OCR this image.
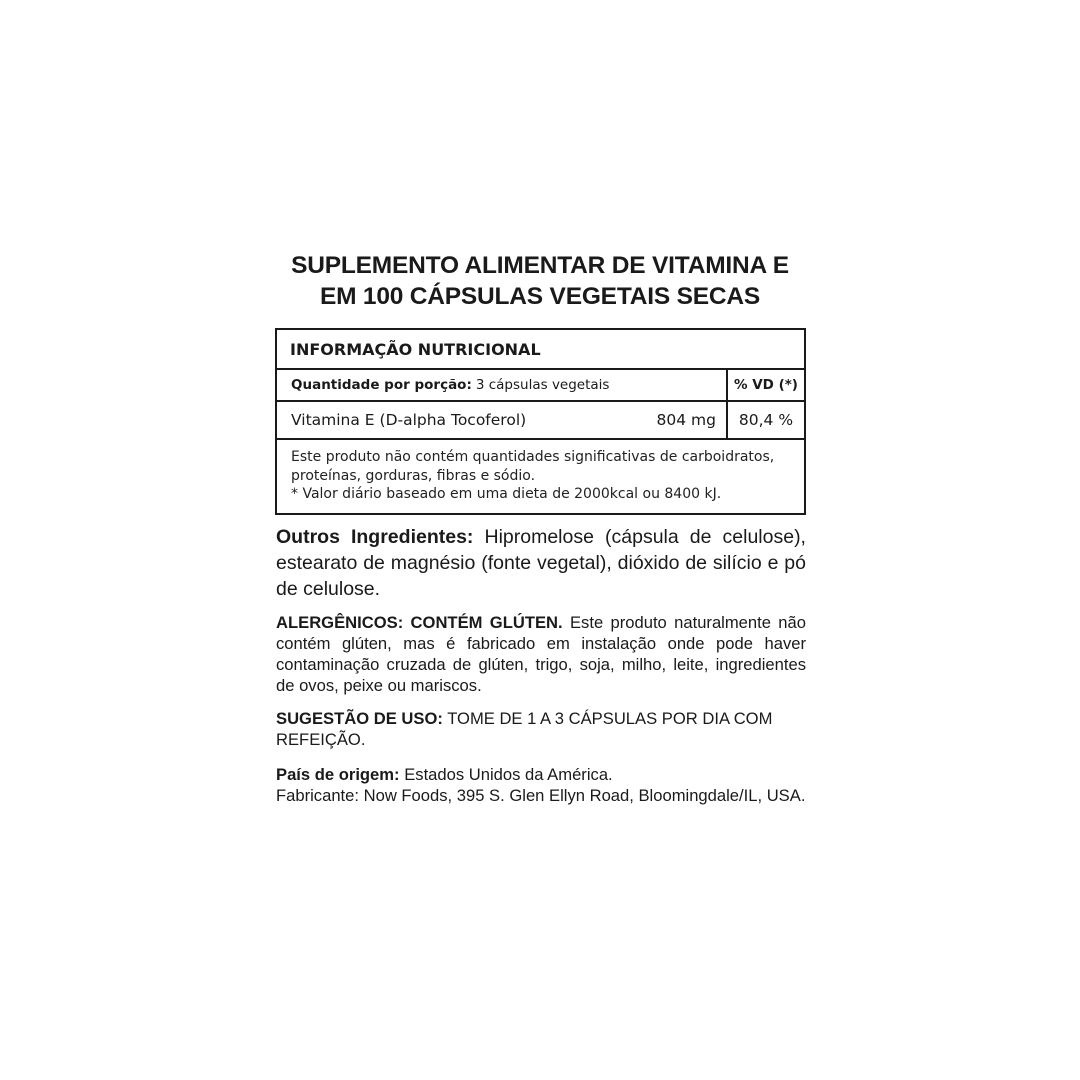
SUPLEMENTO ALIMENTAR DE VITAMINA E
EM 100 CÁPSULAS VEGETAIS SECAS
INFORMAÇÃO NUTRICIONAL
Quantidade por porção: 3 cápsulas vegetais	% VD (*)
Vitamina E (D-alpha Tocoferol)	804 mg	80,4 %
Este produto não contém quantidades significativas de carboidratos,
proteínas, gorduras, fibras e sódio.
* Valor diário baseado em uma dieta de 2000kcal ou 8400 kJ.
Outros Ingredientes: Hipromelose (cápsula de celulose), estearato de magnésio (fonte vegetal), dióxido de silício e pó de celulose.
ALERGÊNICOS: CONTÉM GLÚTEN. Este produto naturalmente não contém glúten, mas é fabricado em instalação onde pode haver contaminação cruzada de glúten, trigo, soja, milho, leite, ingredientes de ovos, peixe ou mariscos.
SUGESTÃO DE USO: TOME DE 1 A 3 CÁPSULAS POR DIA COM REFEIÇÃO.
País de origem: Estados Unidos da América.
Fabricante: Now Foods, 395 S. Glen Ellyn Road, Bloomingdale/IL, USA.
